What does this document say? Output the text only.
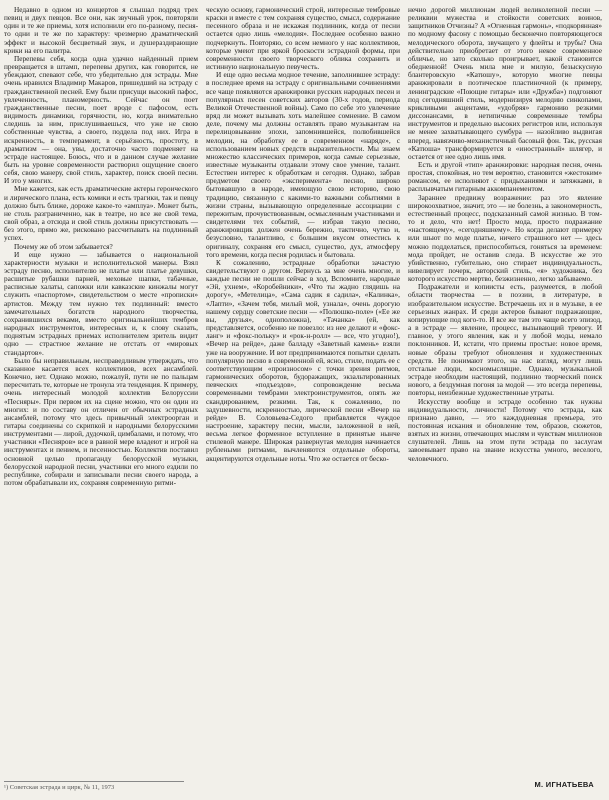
Недавно в одном из концертов я слышал подряд трех певиц и двух певцов. Все они, как звучный урок, повторяли один и те же приемы, хотя исполнили его по-разному, песня-то одни и те же по характеру: чрезмерно драматический эффект и высокой бесцветный звук, и душераздирающие крики на его палитра.

Перепевы себя, когда одна удачно найденный прием превращается в штамп, перепевы других, как говорится, не убеждают, спевают себе, что убедительно для эстрады. Мне очень нравился Владимир Макаров, пришедший на эстраду с гражданственной песней. Ему были присущи высокий пафос, увлеченность, планомерность. Сейчас он поет гражданственные песни, поет вроде с пафосом, есть видимость динамики, горячности, но, когда внимательно следишь за ним, прислушиваешься, что уже не свою собственные чувства, а своего, поддела под них. Игра в искренность, в темперамент, в серьёзность, простоту, в драматизм — она, увы, достаточно часто подменяет на эстраде настоящее. Боюсь, что и в данном случае желание быть на уровне современности растворил ощущение своего себя, свою манеру, свой стиль, характер, поиск своей песни. И это у многих.

Мне кажется, как есть драматические актеры героического и лирического плана, есть комики и есть трагики, так и певцу должно быть ближе, дороже какое-то «амплуа». Может быть, не столь разграниченно, как в театре, но все же свой тема, свой образ, а отсюда и свой стиль должны присутствовать — без этого, прямо же, рисковано рассчитывать на подлинный успех.

Почему же об этом забывается?

И еще нужно — забывается о национальной характерности музыки и исполнительской манеры. Взял эстраду песню, исполнителю не платье или платье девушки, расшитые рубашки парней, меховые шапки, табачные, расписные халаты, сапожки или кавказские кинжалы могут служить «паспортом», свидетельством о месте «прописки» артистов. Между тем нужно тех подлинный: вместо замечательных богатств народного творчества, сохранившихся веками, вместо оригинальнейших тембров народных инструментов, интересных и, к слову сказать, поднятым эстрадных приемах исполнителем зритель видит одно — страстное желание не отстать от «мировых стандартов».

Было бы неправильным, несправедливым утверждать, что сказанное касается всех коллективов, всех ансамблей. Конечно, нет. Однако можно, пожалуй, пути не по пальцам пересчитать те, которые не тронула эта тенденция. К примеру, очень интересный молодой коллектив Белоруссии «Песняры». При первом их на сцене можно, что он один из многих: и по составу он отличен от обычных эстрадных ансамблей, потому что здесь привычный электроорган и гитары соединены со скрипкой и народными белорусскими инструментами — лирой, дудочкой, цимбалами, и потому, что участники «Песняров» все в равной мере владеют и игрой на инструментах и пением, и песенностью. Коллектив поставил основной целью пропаганду белорусской музыки, белорусской народной песни, участники его много ездили по республике, собирали и записывали песни своего народа, а потом обрабатывали их, сохраняя современную ритми-

ческую основу, гармонический строй, интересные тембровые краски и вместе с тем сохраняя существо, смысл, содержание песенного образа и не искажая подлинник, когда от песни остается одно лишь «мелодия». Последнее особенно важно подчеркнуть. Повторяю, со всем немного у нас коллективов, которые умеют при яркой броскости эстрадной формы, при современности своего творческого облика сохранить и истинную национальную певучесть.

И еще одно весьма модное течение, заполнившее эстраду: в последнее время на эстраду с оригинальными сочинениями все чаще появляются аранжировки русских народных песен и популярных песен советских авторов (30-х годов, периода Великой Отечественной войны). Само по себе это увлечение вряд ли может вызывать хоть малейшее сомнение. В самом деле, почему мы должны оставлять право музыкантам на перелицовывание эпохи, запомнившейся, полюбившейся мелодии, на обработку ее в современном «наряде», с использованием новых средств выразительности. Мы знаем множество классических примеров, когда самые серьезные, известные музыканты отдавали этому свое умение, талант. Естествен интерес к обработкам и сегодня. Однако, забрав предметом своего «эксперимента» песню, широко бытовавшую в народе, имеющую свою историю, свою традицию, связанную с какими-то важными событиями в жизни страны, вызывающую определенные ассоциации с пережитым, прочувствованным, осмысленным участниками и свидетелями тех событий, — избрав такую песню, аранжировщик должен очень бережно, тактично, чутко и, безусловно, талантливо, с большим вкусом отнестись к оригиналу, сохраняя его смысл, существо, дух, атмосферу того времени, когда песня родилась и бытовала.

К сожалению, эстрадные обработки зачастую свидетельствуют о другом. Вернусь за мне очень многие, и каждые песни не пошли сейчас в ход. Вспомните, народные «Эй, ухнем», «Коробейники», «Что ты жадно глядишь на дорогу», «Метелица», «Сама садик я садила», «Калинка», «Лапти», «Зачем тебя, милый мой, узнала», очень дорогую нашему сердцу советские песни — «Полюшко-поле» («Ее же вы, друзья», одноположна), «Тачанка» (ей, как представляется, особенно не повезло: из нее делают и «фокс-ланг» и «фокс-польку» и «рок-н-ролл» — все, что угодно!), «Вечер на рейде», даже балладу «Заветный камень» взяли уже на вооружение. И вот предпринимаются попытки сделать популярную песню в современной ей, ясно, стиле, подать ее с соответствующим «произносом» с точки зрения ритмов, гармонических оборотов, будоражащих, экзальтированных певческих «подъездов», сопровождение весьма современными тембрами электроинструментов, опять же скандированием, резкими. Так, к сожалению, по задушевности, искренностью, лирической песни «Вечер на рейде» В. Соловьева-Седого прибавляется чуждое настроение, характеру песни, мысли, заложенной в ней, весьма легкое форменное вступление в принятые нынче стилевой манере. Широкая развернутая мелодия начинается рублеными ритмами, вычленяются отдельные обороты, акцентируются отдельные ноты. Что же остается от беско-

нечно дорогой миллионам людей великолепной песни — реликвии мужества и стойкости советских воинов, защитников Отчизны? А «Огненная гармонь», «подкорянная» по модному фасону с помощью бесконечно повторяющегося мелодического оборота, звучащего у флейты и трубы? Она действительно приобретает от этого некое современное обличье, но зато сколько проигрывает, какой становится обедненной! Очень мила мне и милую, безыскусную блантеровскую «Катюшу», которую многие певцы аранжировали в поэтическое пластиночной (к примеру, ленинградские «Поющие гитары» или «Дружба») подгоняют под сегодняшний стиль, модернизируя мелодию синкопами, крикливыми акцентами, «удобряя» гармонию резкими диссонансами, в нетипичные современные тембры инструментов и предельно высоких регистров или, используя не менее захватывающего сумбура — назойливо выдвигая вперед, навязчиво-механистичный басовый фон. Так, русская «Катюша» трансформируется в «иностранный» шлягер, и остается от нее одно лишь имя.

Есть и другой «тип» аранжировки: народная песня, очень простая, спокойная, но тем вероятно, становится «жестоким» романсом, ее исполняют с придыханиями и затяжками, в расплывчатым гитарным аккомпанементом.

Зараннее предвижу возражение: раз это явление широкоохватное, значит, это — не болезнь, а закономерность, естественный процесс, подсказанный самой жизнью. В том-то и дело, что нет! Просто мода, просто подражание «настоящему», «сегодняшнему». Но когда делают примерку или шьют по моде платье, ничего страшного нет — здесь можно подделаться, приспособиться, гоняться за временем: мода пройдет, не оставив следа. В искусстве же это убийственно, губительно, оно стирает индивидуальность, нивелирует почерк, авторский стиль, «я» художника, без которого искусство мертво, безжизненно, легко забываемо.

Подражатели и копиисты есть, разумеется, в любой области творчества — в поэзии, в литературе, в изобразительном искусстве. Встречаешь их и в музыке, в ее серьезных жанрах. И среди актеров бывают подражающие, копирующие под кого-то. И все же там это чаще всего эпизод, а в эстраде — явление, процесс, вызывающий тревогу. И главное, у этого явления, как и у любой моды, немало поклонников. И, кстати, что приемы простые: новое время, новые образы требуют обновления и художественных средств. Не понимают этого, на нас взгляд, могут лишь отсталые люди, косномыслящие. Однако, музыкальной эстраде необходим настоящий, подлинно творческий поиск нового, а бездумная погоня за модой — это всегда перепевы, повторы, неизбежные художественные утраты.

Искусству вообще и эстраде особенно так нужны индивидуальности, личности! Потому что эстрада, как признано давно, — это каждодневная премьера, это постоянная искания и обновление тем, образов, сюжетов, взятых из жизни, отвечающих мыслям и чувствам миллионов слушателей. Лишь на этом пути эстрада по заслугам завоевывает право на звание искусства умного, веселого, человечного.

¹) Советская эстрада и цирк, № 11, 1973	М. ИГНАТЬЕВА
